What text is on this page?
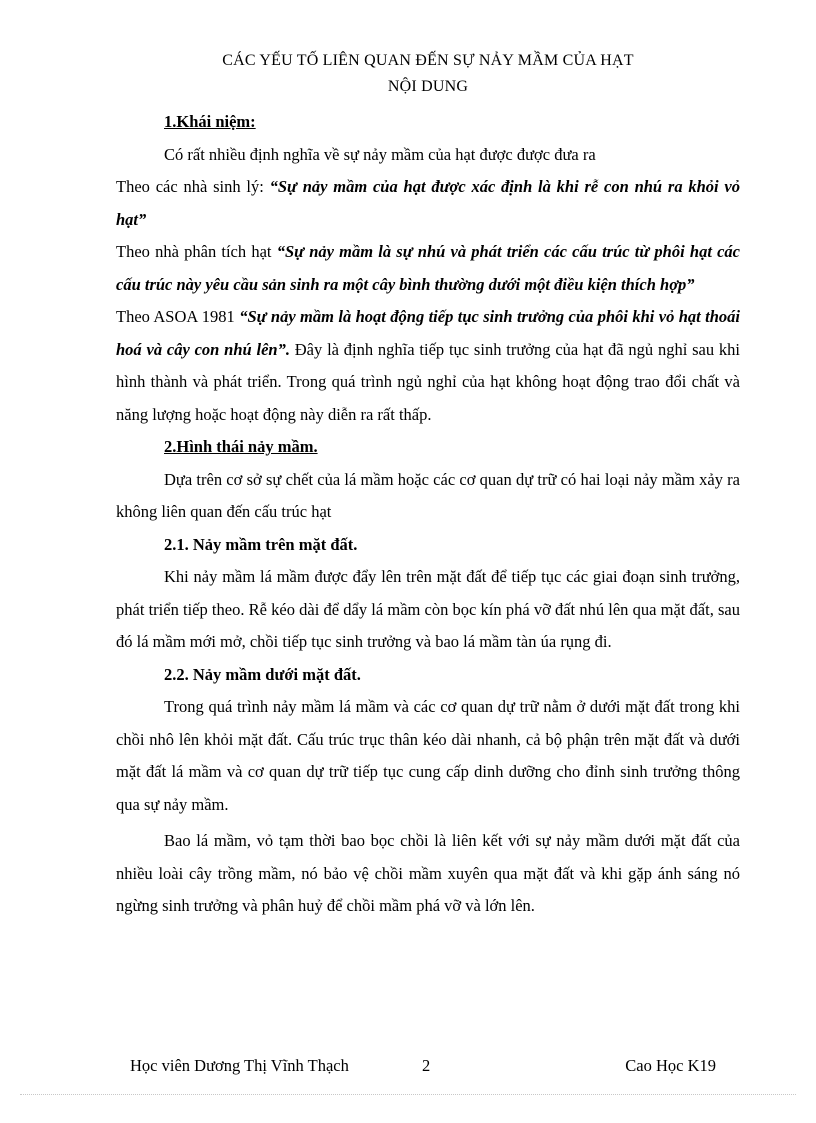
CÁC YẾU TỐ LIÊN QUAN ĐẾN SỰ NẢY MẦM CỦA HẠT

NỘI DUNG

1.Khái niệm:

Có rất nhiều định nghĩa về sự nảy mầm của hạt được được đưa ra

Theo các nhà sinh lý: “Sự nảy mầm của hạt được xác định là khi rễ con nhú ra khỏi vỏ hạt”

Theo nhà phân tích hạt “Sự nảy mầm là sự nhú và phát triển các cấu trúc từ phôi hạt các cấu trúc này yêu cầu sản sinh ra một cây bình thường dưới một điều kiện thích hợp”

Theo ASOA 1981 “Sự nảy mầm là hoạt động tiếp tục sinh trưởng của phôi khi vỏ hạt thoái hoá và cây con nhú lên”. Đây là định nghĩa tiếp tục sinh trưởng của hạt đã ngủ nghỉ sau khi hình thành và phát triển. Trong quá trình ngủ nghỉ của hạt không hoạt động trao đổi chất và năng lượng hoặc hoạt động này diễn ra rất thấp.

2.Hình thái nảy mầm.

Dựa trên cơ sở sự chết của lá mầm hoặc các cơ quan dự trữ có hai loại nảy mầm xảy ra không liên quan đến cấu trúc hạt

2.1. Nảy mầm trên mặt đất.

Khi nảy mầm lá mầm được đẩy lên trên mặt đất để tiếp tục các giai đoạn sinh trưởng, phát triển tiếp theo. Rễ kéo dài để dẩy lá mầm còn bọc kín phá vỡ đất nhú lên qua mặt đất, sau đó lá mầm mới mở, chồi tiếp tục sinh trưởng và bao lá mầm tàn úa rụng đi.

2.2. Nảy mầm dưới mặt đất.

Trong quá trình nảy mầm lá mầm và các cơ quan dự trữ nằm ở dưới mặt đất trong khi chồi nhô lên khỏi mặt đất. Cấu trúc trục thân kéo dài nhanh, cả bộ phận trên mặt đất và dưới mặt đất lá mầm và cơ quan dự trữ tiếp tục cung cấp dinh dưỡng cho đỉnh sinh trưởng thông qua sự nảy mầm.

Bao lá mầm, vỏ tạm thời bao bọc chồi là liên kết với sự nảy mầm dưới mặt đất của nhiều loài cây trồng mầm, nó bảo vệ chồi mầm xuyên qua mặt đất và khi gặp ánh sáng nó ngừng sinh trưởng và phân huỷ để chồi mầm phá vỡ và lớn lên.

Học viên Dương Thị Vĩnh Thạch	2	Cao Học K19
